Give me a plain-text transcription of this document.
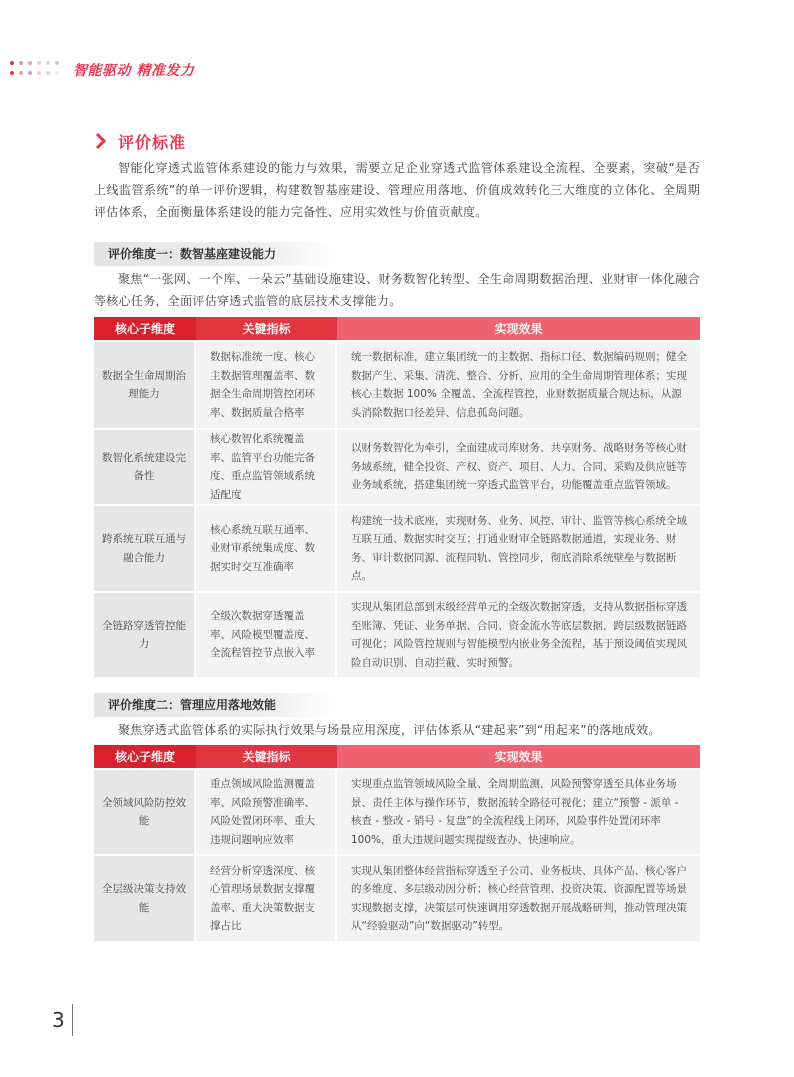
智能驱动 精准发力
评价标准
智能化穿透式监管体系建设的能力与效果，需要立足企业穿透式监管体系建设全流程、全要素，突破“是否上线监管系统”的单一评价逻辑，构建数智基座建设、管理应用落地、价值成效转化三大维度的立体化、全周期评估体系，全面衡量体系建设的能力完备性、应用实效性与价值贡献度。
评价维度一：数智基座建设能力
聚焦“一张网、一个库、一朵云”基础设施建设、财务数智化转型、全生命周期数据治理、业财审一体化融合等核心任务，全面评估穿透式监管的底层技术支撑能力。
核心子维度	关键指标	实现效果
数据全生命周期治理能力	数据标准统一度、核心主数据管理覆盖率、数据全生命周期管控闭环率、数据质量合格率	统一数据标准，建立集团统一的主数据、指标口径、数据编码规则；健全数据产生、采集、清洗、整合、分析、应用的全生命周期管理体系；实现核心主数据 100% 全覆盖、全流程管控，业财数据质量合规达标，从源头消除数据口径差异、信息孤岛问题。
数智化系统建设完备性	核心数智化系统覆盖率、监管平台功能完备度、重点监管领域系统适配度	以财务数智化为牵引，全面建成司库财务、共享财务、战略财务等核心财务域系统，健全投资、产权、资产、项目、人力、合同、采购及供应链等业务域系统，搭建集团统一穿透式监管平台，功能覆盖重点监管领域。
跨系统互联互通与融合能力	核心系统互联互通率、业财审系统集成度、数据实时交互准确率	构建统一技术底座，实现财务、业务、风控、审计、监管等核心系统全域互联互通、数据实时交互；打通业财审全链路数据通道，实现业务、财务、审计数据同源、流程同轨、管控同步，彻底消除系统壁垒与数据断点。
全链路穿透管控能力	全级次数据穿透覆盖率、风险模型覆盖度、全流程管控节点嵌入率	实现从集团总部到末级经营单元的全级次数据穿透，支持从数据指标穿透至账簿、凭证、业务单据、合同、资金流水等底层数据，跨层级数据链路可视化；风险管控规则与智能模型内嵌业务全流程，基于预设阈值实现风险自动识别、自动拦截、实时预警。
评价维度二：管理应用落地效能
聚焦穿透式监管体系的实际执行效果与场景应用深度，评估体系从“建起来”到“用起来”的落地成效。
核心子维度	关键指标	实现效果
全领域风险防控效能	重点领域风险监测覆盖率、风险预警准确率、风险处置闭环率、重大违规问题响应效率	实现重点监管领域风险全量、全周期监测，风险预警穿透至具体业务场景、责任主体与操作环节，数据流转全路径可视化；建立“预警 - 派单 - 核查 - 整改 - 销号 - 复盘”的全流程线上闭环，风险事件处置闭环率 100%，重大违规问题实现提级查办、快速响应。
全层级决策支持效能	经营分析穿透深度、核心管理场景数据支撑覆盖率、重大决策数据支撑占比	实现从集团整体经营指标穿透至子公司、业务板块、具体产品、核心客户的多维度、多层级动因分析；核心经营管理、投资决策、资源配置等场景实现数据支撑，决策层可快速调用穿透数据开展战略研判，推动管理决策从“经验驱动”向“数据驱动”转型。
3
